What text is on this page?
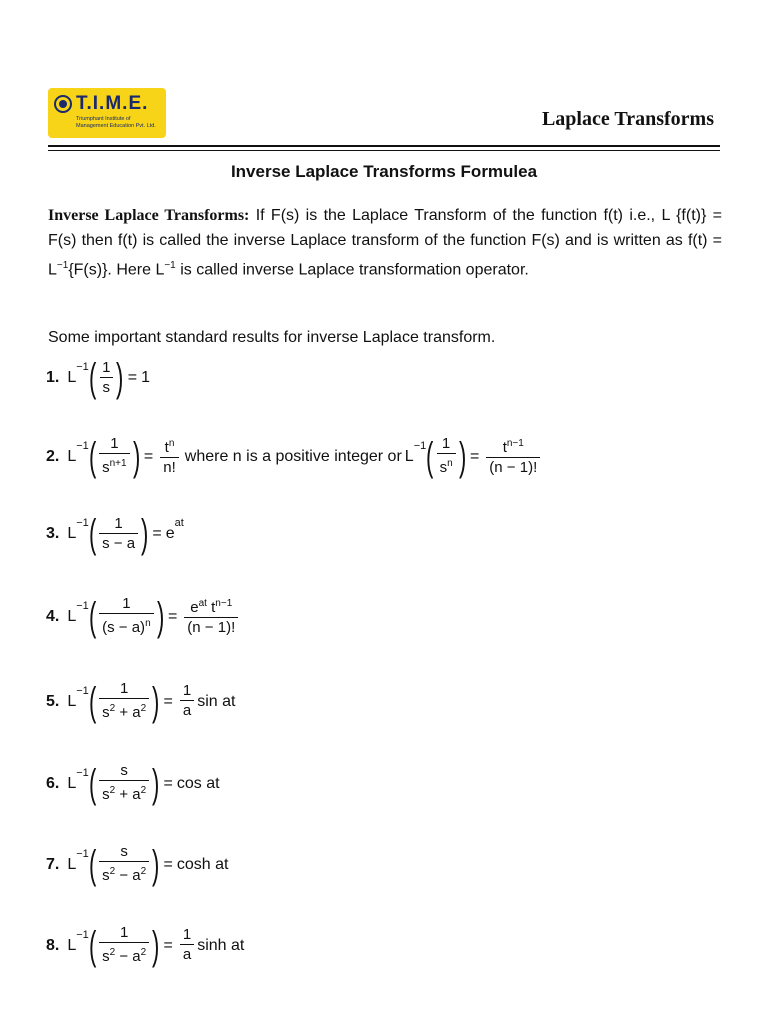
T.I.M.E.
Triumphant Institute of
Management Education Pvt. Ltd.	Laplace Transforms
Inverse Laplace Transforms Formulea
Inverse Laplace Transforms: If F(s) is the Laplace Transform of the function f(t) i.e., L {f(t)} = F(s) then f(t) is called the inverse Laplace transform of the function F(s) and is written as $f(t) = L^{-1}\{F(s)\}$. Here $L^{-1}$ is called inverse Laplace transformation operator.
Some important standard results for inverse Laplace transform.
1. L
$^{-1}$ ( $\frac{1}{s}$ ) = 1
2. L
$^{-1}$ ( $\frac{1}{s^{n+1}}$ ) = $\frac{t^n}{n!}$ where n is a positive integer or L
$^{-1}$ ( $\frac{1}{s^n}$ ) = $\frac{t^{n-1}}{(n - 1)!}$
3. L
$^{-1}$ ( $\frac{1}{s - a}$ ) = e
$^{at}$
4. L
$^{-1}$ ( $\frac{1}{(s - a)^n}$ ) = $\frac{e^{at} t^{n-1}}{(n - 1)!}$
5. L
$^{-1}$ ( $\frac{1}{s^2 + a^2}$ ) = $\frac{1}{a}$ sin at
6. L
$^{-1}$ ( $\frac{s}{s^2 + a^2}$ ) = cos at
7. L
$^{-1}$ ( $\frac{s}{s^2 - a^2}$ ) = cosh at
8. L
$^{-1}$ ( $\frac{1}{s^2 - a^2}$ ) = $\frac{1}{a}$ sinh at
